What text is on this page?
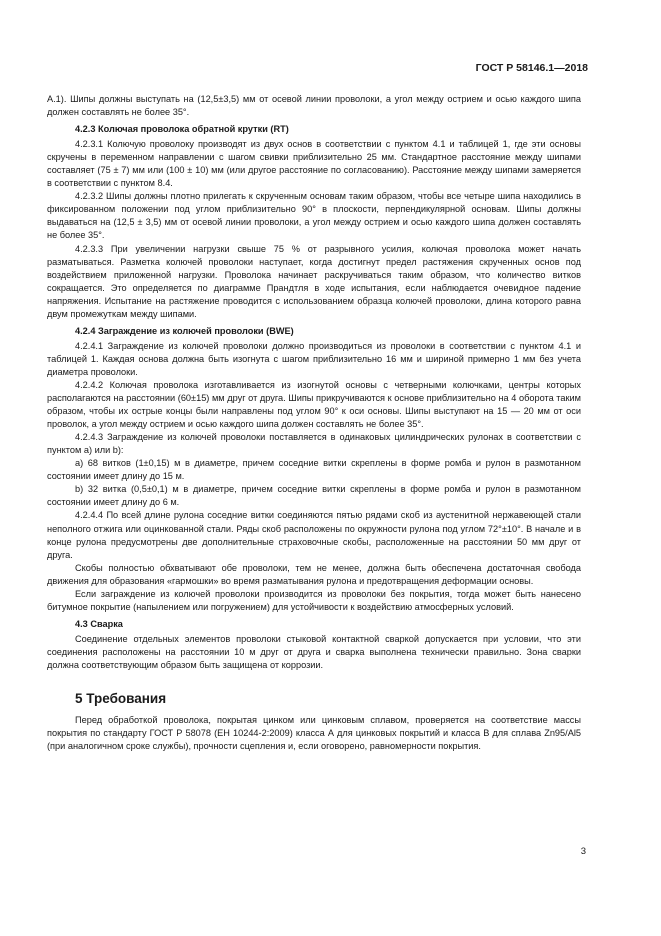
ГОСТ Р 58146.1—2018

А.1). Шипы должны выступать на (12,5±3,5) мм от осевой линии проволоки, а угол между острием и осью каждого шипа должен составлять не более 35°.

4.2.3 Колючая проволока обратной крутки (RT)

4.2.3.1 Колючую проволоку производят из двух основ в соответствии с пунктом 4.1 и таблицей 1, где эти основы скручены в переменном направлении с шагом свивки приблизительно 25 мм. Стандартное расстояние между шипами составляет (75 ± 7) мм или (100 ± 10) мм (или другое расстояние по согласованию). Расстояние между шипами замеряется в соответствии с пунктом 8.4.

4.2.3.2 Шипы должны плотно прилегать к скрученным основам таким образом, чтобы все четыре шипа находились в фиксированном положении под углом приблизительно 90° в плоскости, перпендикулярной основам. Шипы должны выдаваться на (12,5 ± 3,5) мм от осевой линии проволоки, а угол между острием и осью каждого шипа должен составлять не более 35°.

4.2.3.3 При увеличении нагрузки свыше 75 % от разрывного усилия, колючая проволока может начать разматываться. Разметка колючей проволоки наступает, когда достигнут предел растяжения скрученных основ под воздействием приложенной нагрузки. Проволока начинает раскручиваться таким образом, что количество витков сокращается. Это определяется по диаграмме Прандтля в ходе испытания, если наблюдается очевидное падение напряжения. Испытание на растяжение проводится с использованием образца колючей проволоки, длина которого равна двум промежуткам между шипами.

4.2.4 Заграждение из колючей проволоки (BWE)

4.2.4.1 Заграждение из колючей проволоки должно производиться из проволоки в соответствии с пунктом 4.1 и таблицей 1. Каждая основа должна быть изогнута с шагом приблизительно 16 мм и шириной примерно 1 мм без учета диаметра проволоки.

4.2.4.2 Колючая проволока изготавливается из изогнутой основы с четверными колючками, центры которых располагаются на расстоянии (60±15) мм друг от друга. Шипы прикручиваются к основе приблизительно на 4 оборота таким образом, чтобы их острые концы были направлены под углом 90° к оси основы. Шипы выступают на 15 — 20 мм от оси проволок, а угол между острием и осью каждого шипа должен составлять не более 35°.

4.2.4.3 Заграждение из колючей проволоки поставляется в одинаковых цилиндрических рулонах в соответствии с пунктом а) или b):

а) 68 витков (1±0,15) м в диаметре, причем соседние витки скреплены в форме ромба и рулон в размотанном состоянии имеет длину до 15 м.

b) 32 витка (0,5±0,1) м в диаметре, причем соседние витки скреплены в форме ромба и рулон в размотанном состоянии имеет длину до 6 м.

4.2.4.4 По всей длине рулона соседние витки соединяются пятью рядами скоб из аустенитной нержавеющей стали неполного отжига или оцинкованной стали. Ряды скоб расположены по окружности рулона под углом 72°±10°. В начале и в конце рулона предусмотрены две дополнительные страховочные скобы, расположенные на расстоянии 50 мм друг от друга.

Скобы полностью обхватывают обе проволоки, тем не менее, должна быть обеспечена достаточная свобода движения для образования «гармошки» во время разматывания рулона и предотвращения деформации основы.

Если заграждение из колючей проволоки производится из проволоки без покрытия, тогда может быть нанесено битумное покрытие (напылением или погружением) для устойчивости к воздействию атмосферных условий.

4.3 Сварка

Соединение отдельных элементов проволоки стыковой контактной сваркой допускается при условии, что эти соединения расположены на расстоянии 10 м друг от друга и сварка выполнена технически правильно. Зона сварки должна соответствующим образом быть защищена от коррозии.

5 Требования

Перед обработкой проволока, покрытая цинком или цинковым сплавом, проверяется на соответствие массы покрытия по стандарту ГОСТ Р 58078 (ЕН 10244-2:2009) класса А для цинковых покрытий и класса В для сплава Zn95/Al5 (при аналогичном сроке службы), прочности сцепления и, если оговорено, равномерности покрытия.

3
